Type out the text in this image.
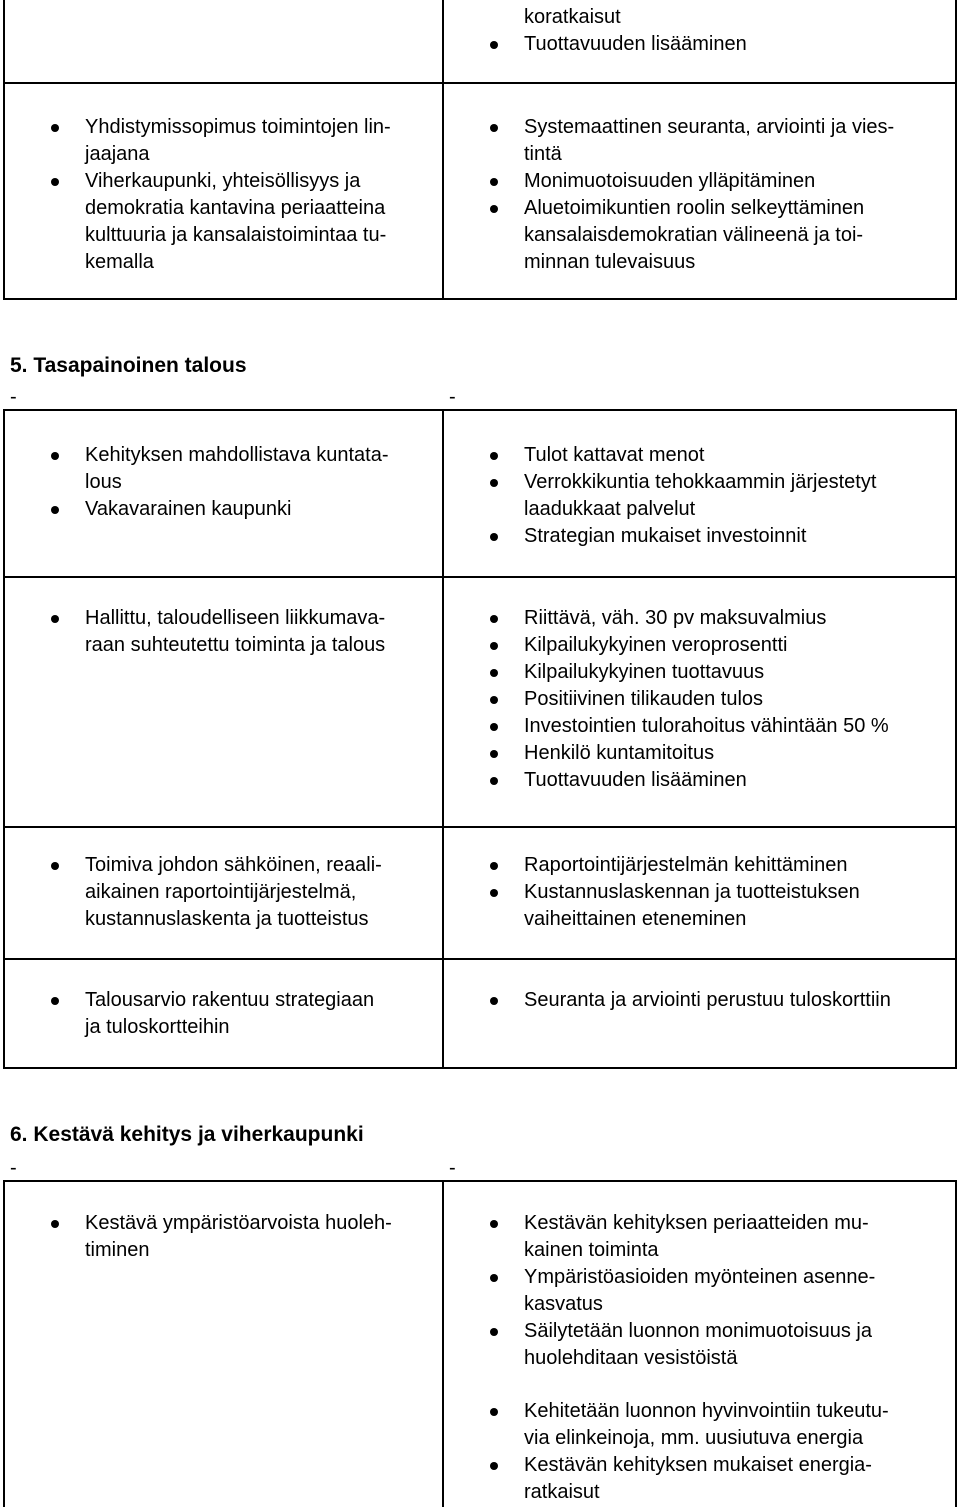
koratkaisut
Tuottavuuden lisääminen
Yhdistymissopimus toimintojen lin-
jaajana
Viherkaupunki, yhteisöllisyys ja
demokratia kantavina periaatteina
kulttuuria ja kansalaistoimintaa tu-
kemalla
Systemaattinen seuranta, arviointi ja vies-
tintä
Monimuotoisuuden ylläpitäminen
Aluetoimikuntien roolin selkeyttäminen
kansalaisdemokratian välineenä ja toi-
minnan tulevaisuus
5. Tasapainoinen talous
-	-
Kehityksen mahdollistava kuntata-
lous
Vakavarainen kaupunki
Tulot kattavat menot
Verrokkikuntia tehokkaammin järjestetyt
laadukkaat palvelut
Strategian mukaiset investoinnit
Hallittu, taloudelliseen liikkumava-
raan suhteutettu toiminta ja talous
Riittävä, väh. 30 pv maksuvalmius
Kilpailukykyinen veroprosentti
Kilpailukykyinen tuottavuus
Positiivinen tilikauden tulos
Investointien tulorahoitus vähintään 50 %
Henkilö kuntamitoitus
Tuottavuuden lisääminen
Toimiva johdon sähköinen, reaali-
aikainen raportointijärjestelmä,
kustannuslaskenta ja tuotteistus
Raportointijärjestelmän kehittäminen
Kustannuslaskennan ja tuotteistuksen
vaiheittainen eteneminen
Talousarvio rakentuu strategiaan
ja tuloskortteihin
Seuranta ja arviointi perustuu tuloskorttiin
6. Kestävä kehitys ja viherkaupunki
-	-
Kestävä ympäristöarvoista huoleh-
timinen
Kestävän kehityksen periaatteiden mu-
kainen toiminta
Ympäristöasioiden myönteinen asenne-
kasvatus
Säilytetään luonnon monimuotoisuus ja
huolehditaan vesistöistä
Kehitetään luonnon hyvinvointiin tukeutu-
via elinkeinoja, mm. uusiutuva energia
Kestävän kehityksen mukaiset energia-
ratkaisut
